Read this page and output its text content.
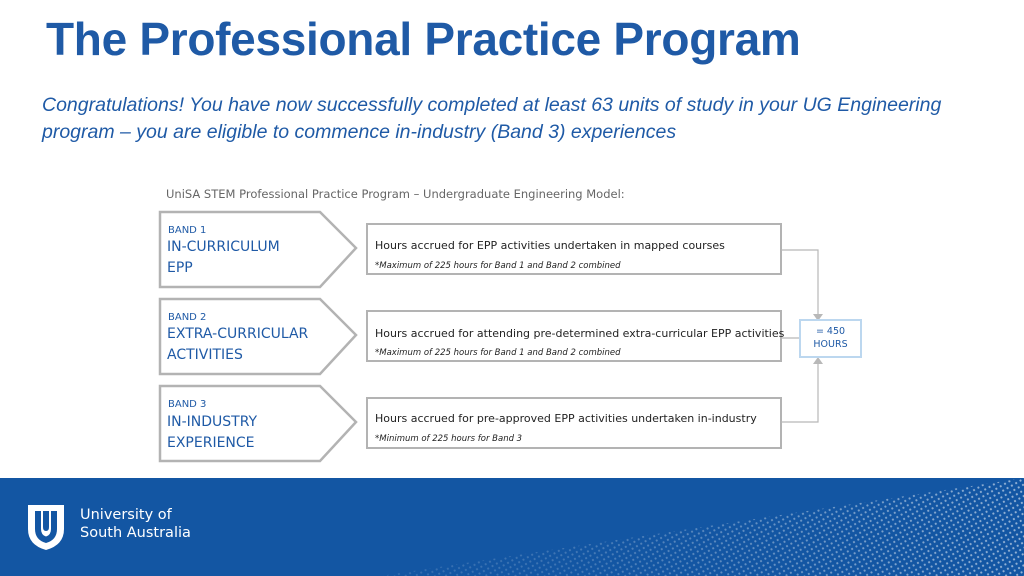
The Professional Practice Program
Congratulations! You have now successfully completed at least 63 units of study in your UG Engineering program – you are eligible to commence in-industry (Band 3) experiences
UniSA STEM Professional Practice Program – Undergraduate Engineering Model:
BAND 1
IN-CURRICULUM
EPP
Hours accrued for EPP activities undertaken in mapped courses
*Maximum of 225 hours for Band 1 and Band 2 combined
BAND 2
EXTRA-CURRICULAR
ACTIVITIES
Hours accrued for attending pre-determined extra-curricular EPP activities
*Maximum of 225 hours for Band 1 and Band 2 combined
BAND 3
IN-INDUSTRY
EXPERIENCE
Hours accrued for pre-approved EPP activities undertaken in-industry
*Minimum of 225 hours for Band 3
= 450
HOURS
University of
South Australia
